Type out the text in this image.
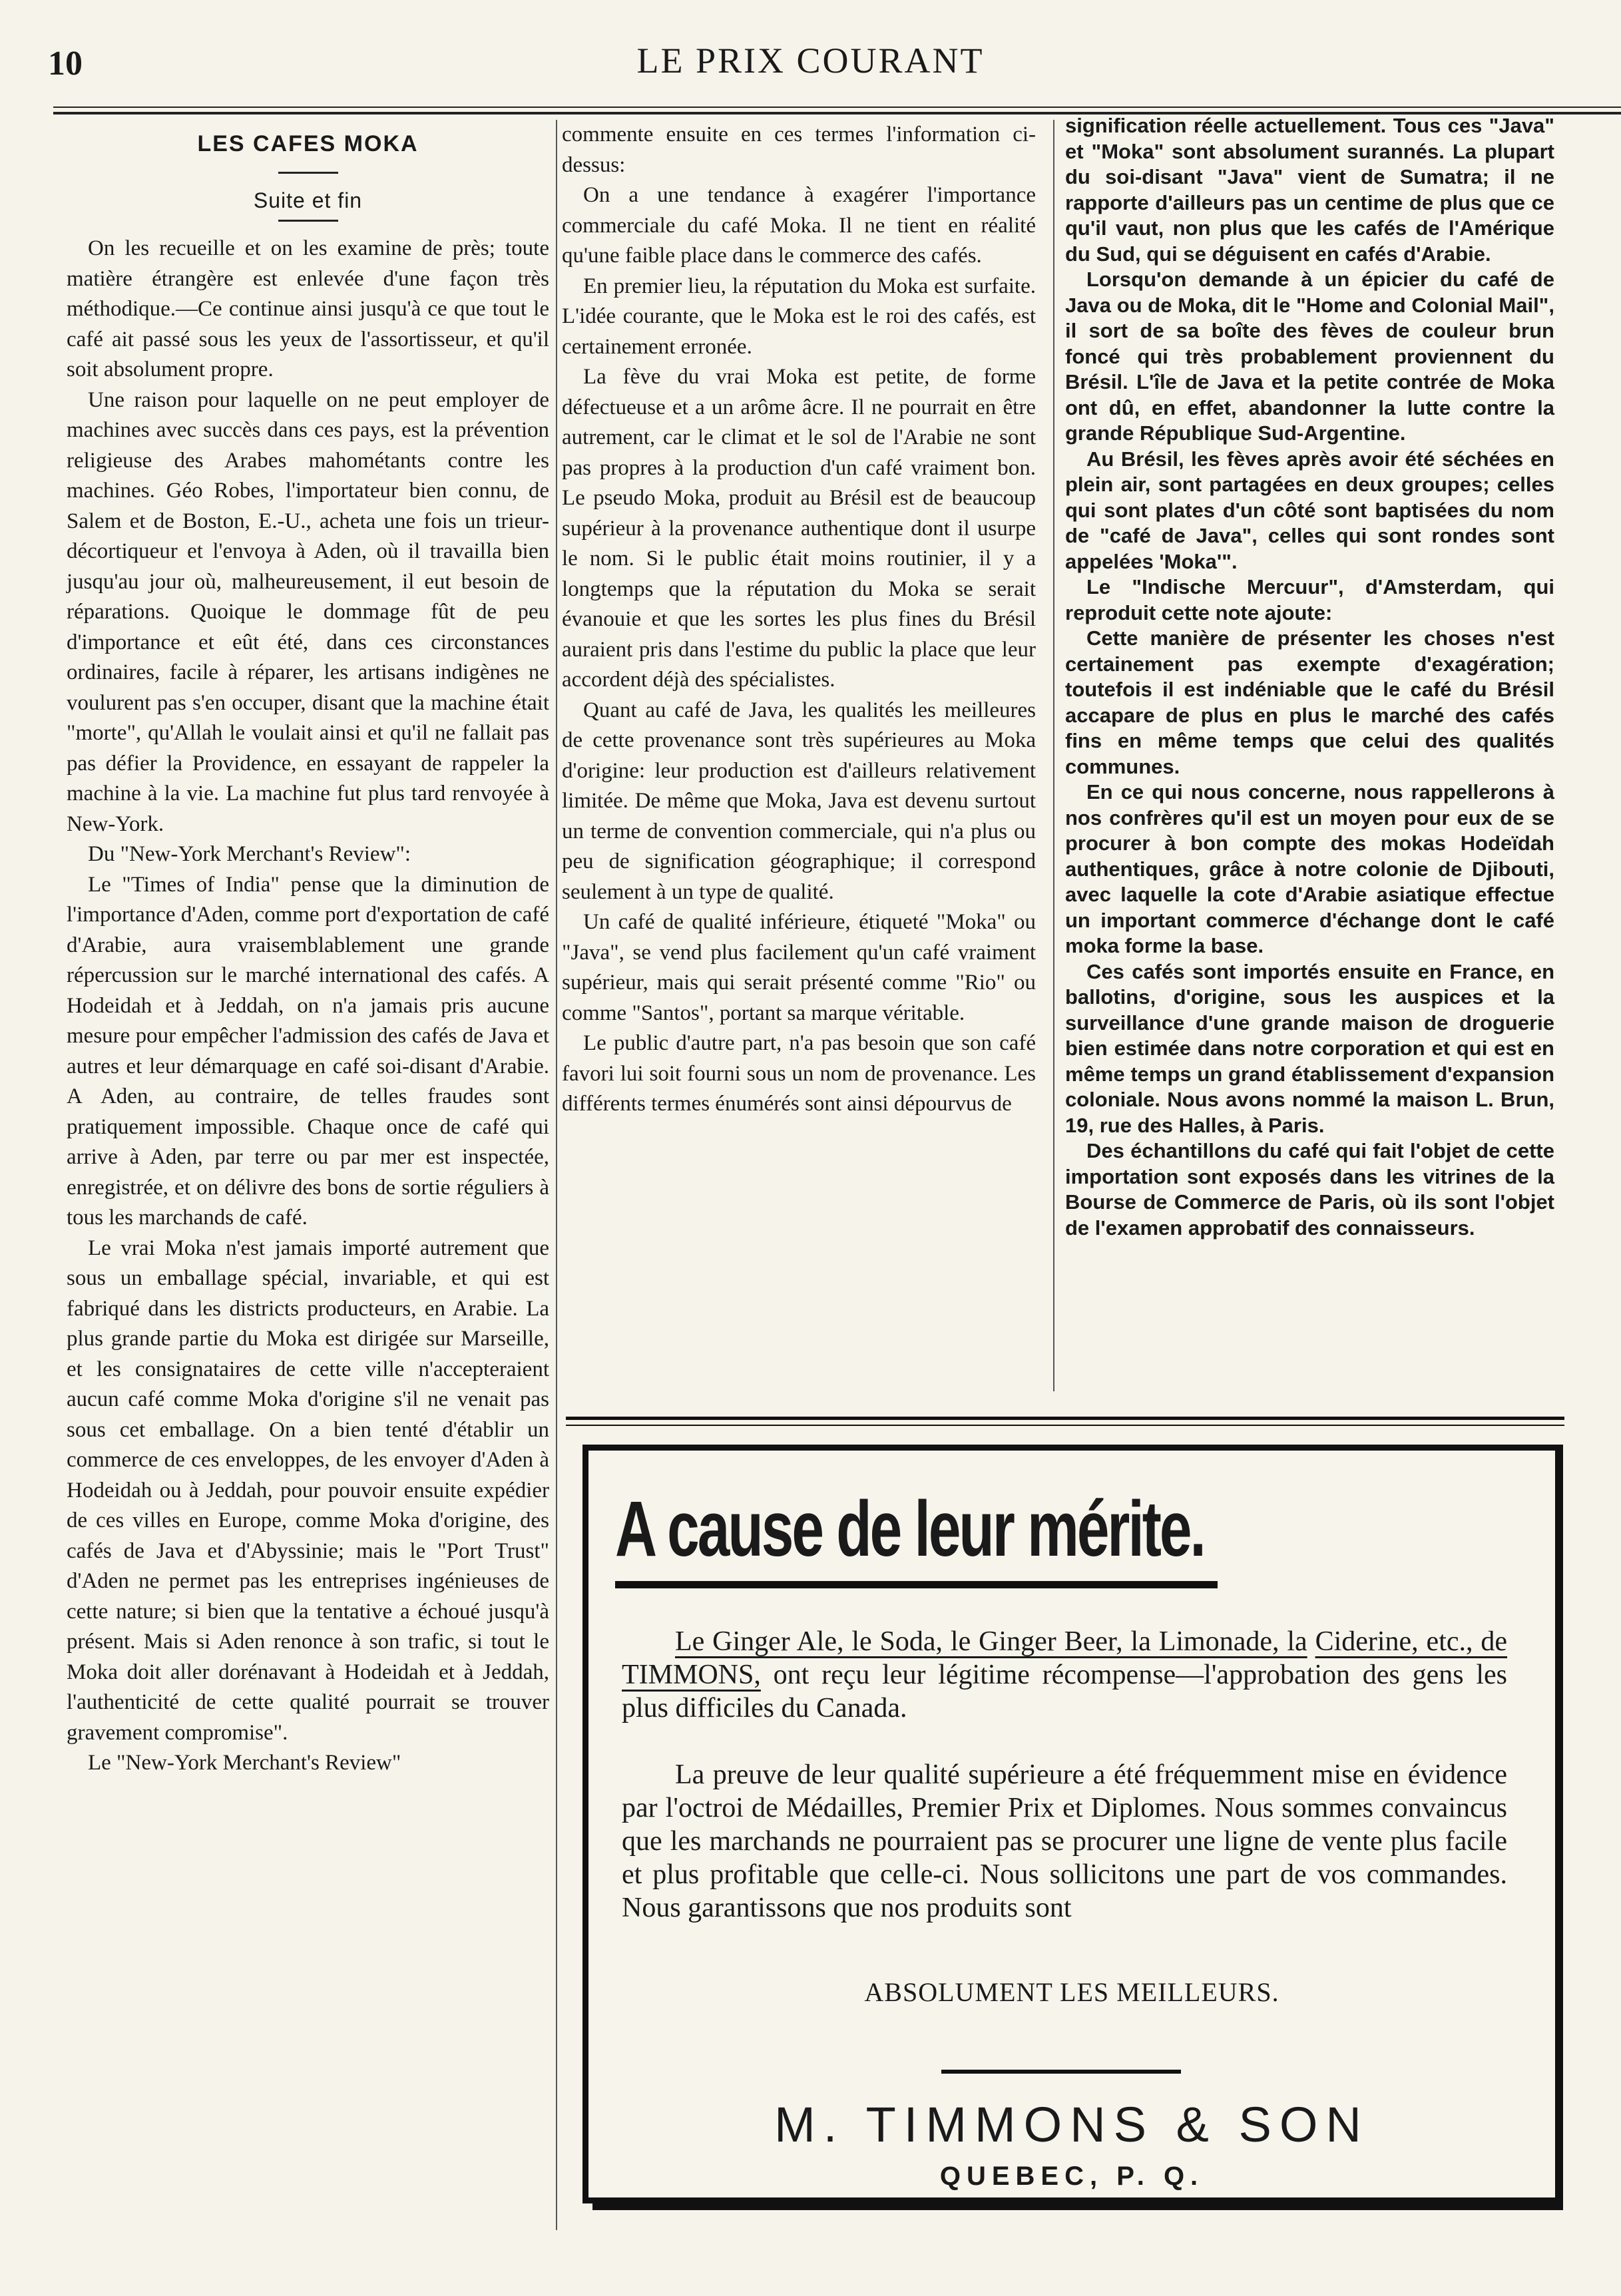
10	LE PRIX COURANT
LES CAFES MOKA
Suite et fin

On les recueille et on les examine de près; toute matière étrangère est enlevée d'une façon très méthodique.—Ce continue ainsi jusqu'à ce que tout le café ait passé sous les yeux de l'assortisseur, et qu'il soit absolument propre.

Une raison pour laquelle on ne peut employer de machines avec succès dans ces pays, est la prévention religieuse des Arabes mahométants contre les machines. Géo Robes, l'importateur bien connu, de Salem et de Boston, E.-U., acheta une fois un trieur-décortiqueur et l'envoya à Aden, où il travailla bien jusqu'au jour où, malheureusement, il eut besoin de réparations. Quoique le dommage fût de peu d'importance et eût été, dans ces circonstances ordinaires, facile à réparer, les artisans indigènes ne voulurent pas s'en occuper, disant que la machine était "morte", qu'Allah le voulait ainsi et qu'il ne fallait pas pas défier la Providence, en essayant de rappeler la machine à la vie. La machine fut plus tard renvoyée à New-York.

Du "New-York Merchant's Review":

Le "Times of India" pense que la diminution de l'importance d'Aden, comme port d'exportation de café d'Arabie, aura vraisemblablement une grande répercussion sur le marché international des cafés. A Hodeidah et à Jeddah, on n'a jamais pris aucune mesure pour empêcher l'admission des cafés de Java et autres et leur démarquage en café soi-disant d'Arabie. A Aden, au contraire, de telles fraudes sont pratiquement impossible. Chaque once de café qui arrive à Aden, par terre ou par mer est inspectée, enregistrée, et on délivre des bons de sortie réguliers à tous les marchands de café.

Le vrai Moka n'est jamais importé autrement que sous un emballage spécial, invariable, et qui est fabriqué dans les districts producteurs, en Arabie. La plus grande partie du Moka est dirigée sur Marseille, et les consignataires de cette ville n'accepteraient aucun café comme Moka d'origine s'il ne venait pas sous cet emballage. On a bien tenté d'établir un commerce de ces enveloppes, de les envoyer d'Aden à Hodeidah ou à Jeddah, pour pouvoir ensuite expédier de ces villes en Europe, comme Moka d'origine, des cafés de Java et d'Abyssinie; mais le "Port Trust" d'Aden ne permet pas les entreprises ingénieuses de cette nature; si bien que la tentative a échoué jusqu'à présent. Mais si Aden renonce à son trafic, si tout le Moka doit aller dorénavant à Hodeidah et à Jeddah, l'authenticité de cette qualité pourrait se trouver gravement compromise".

Le "New-York Merchant's Review"

commente ensuite en ces termes l'information ci-dessus:

On a une tendance à exagérer l'importance commerciale du café Moka. Il ne tient en réalité qu'une faible place dans le commerce des cafés.

En premier lieu, la réputation du Moka est surfaite. L'idée courante, que le Moka est le roi des cafés, est certainement erronée.

La fève du vrai Moka est petite, de forme défectueuse et a un arôme âcre. Il ne pourrait en être autrement, car le climat et le sol de l'Arabie ne sont pas propres à la production d'un café vraiment bon. Le pseudo Moka, produit au Brésil est de beaucoup supérieur à la provenance authentique dont il usurpe le nom. Si le public était moins routinier, il y a longtemps que la réputation du Moka se serait évanouie et que les sortes les plus fines du Brésil auraient pris dans l'estime du public la place que leur accordent déjà des spécialistes.

Quant au café de Java, les qualités les meilleures de cette provenance sont très supérieures au Moka d'origine: leur production est d'ailleurs relativement limitée. De même que Moka, Java est devenu surtout un terme de convention commerciale, qui n'a plus ou peu de signification géographique; il correspond seulement à un type de qualité.

Un café de qualité inférieure, étiqueté "Moka" ou "Java", se vend plus facilement qu'un café vraiment supérieur, mais qui serait présenté comme "Rio" ou comme "Santos", portant sa marque véritable.

Le public d'autre part, n'a pas besoin que son café favori lui soit fourni sous un nom de provenance. Les différents termes énumérés sont ainsi dépourvus de

signification réelle actuellement. Tous ces "Java" et "Moka" sont absolument surannés. La plupart du soi-disant "Java" vient de Sumatra; il ne rapporte d'ailleurs pas un centime de plus que ce qu'il vaut, non plus que les cafés de l'Amérique du Sud, qui se déguisent en cafés d'Arabie.

Lorsqu'on demande à un épicier du café de Java ou de Moka, dit le "Home and Colonial Mail", il sort de sa boîte des fèves de couleur brun foncé qui très probablement proviennent du Brésil. L'île de Java et la petite contrée de Moka ont dû, en effet, abandonner la lutte contre la grande République Sud-Argentine.

Au Brésil, les fèves après avoir été séchées en plein air, sont partagées en deux groupes; celles qui sont plates d'un côté sont baptisées du nom de "café de Java", celles qui sont rondes sont appelées 'Moka'".

Le "Indische Mercuur", d'Amsterdam, qui reproduit cette note ajoute:

Cette manière de présenter les choses n'est certainement pas exempte d'exagération; toutefois il est indéniable que le café du Brésil accapare de plus en plus le marché des cafés fins en même temps que celui des qualités communes.

En ce qui nous concerne, nous rappellerons à nos confrères qu'il est un moyen pour eux de se procurer à bon compte des mokas Hodeïdah authentiques, grâce à notre colonie de Djibouti, avec laquelle la cote d'Arabie asiatique effectue un important commerce d'échange dont le café moka forme la base.

Ces cafés sont importés ensuite en France, en ballotins, d'origine, sous les auspices et la surveillance d'une grande maison de droguerie bien estimée dans notre corporation et qui est en même temps un grand établissement d'expansion coloniale. Nous avons nommé la maison L. Brun, 19, rue des Halles, à Paris.

Des échantillons du café qui fait l'objet de cette importation sont exposés dans les vitrines de la Bourse de Commerce de Paris, où ils sont l'objet de l'examen approbatif des connaisseurs.

A cause de leur mérite.

Le Ginger Ale, le Soda, le Ginger Beer, la Limonade, la Ciderine, etc., de TIMMONS, ont reçu leur légitime récompense—l'approbation des gens les plus difficiles du Canada.

La preuve de leur qualité supérieure a été fréquemment mise en évidence par l'octroi de Médailles, Premier Prix et Diplomes. Nous sommes convaincus que les marchands ne pourraient pas se procurer une ligne de vente plus facile et plus profitable que celle-ci. Nous sollicitons une part de vos commandes. Nous garantissons que nos produits sont

ABSOLUMENT LES MEILLEURS.
M. TIMMONS & SON
QUEBEC, P. Q.
